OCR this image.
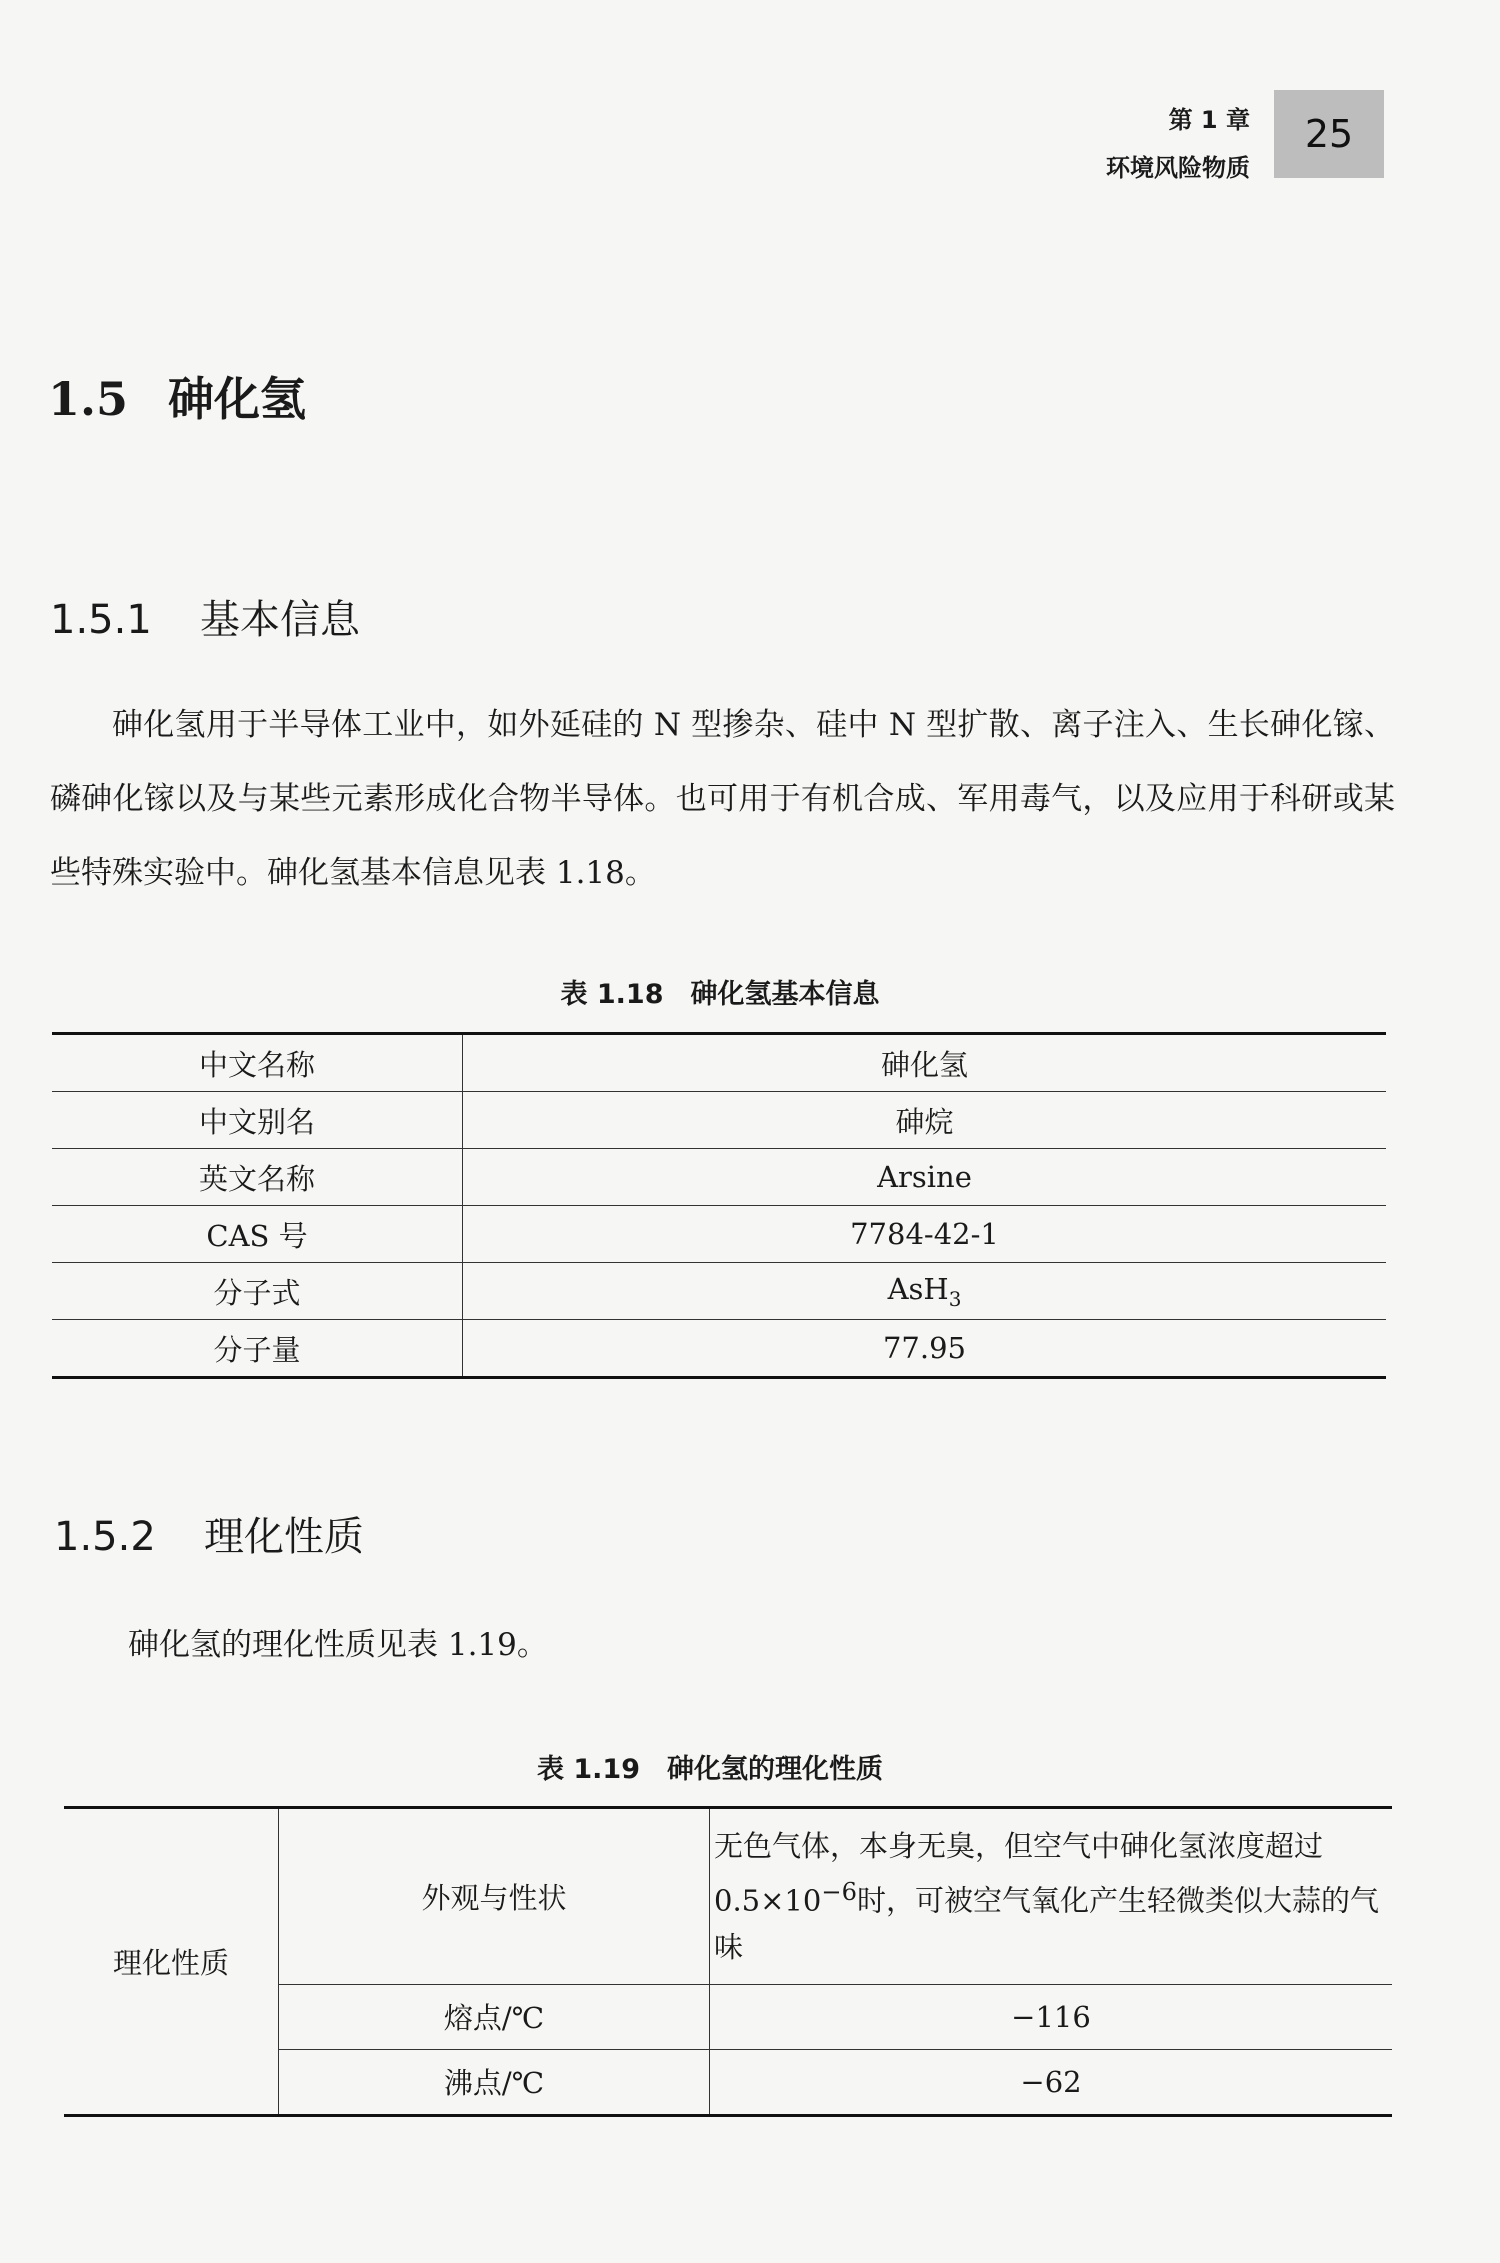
第 1 章
环境风险物质
25
1.5 砷化氢
1.5.1 基本信息
砷化氢用于半导体工业中，如外延硅的 N 型掺杂、硅中 N 型扩散、离子注入、生长砷化镓、磷砷化镓以及与某些元素形成化合物半导体。也可用于有机合成、军用毒气，以及应用于科研或某些特殊实验中。砷化氢基本信息见表 1.18。
表 1.18　砷化氢基本信息
中文名称	砷化氢
中文别名	砷烷
英文名称	Arsine
CAS 号	7784-42-1
分子式	AsH$_3$
分子量	77.95
1.5.2 理化性质
砷化氢的理化性质见表 1.19。
表 1.19　砷化氢的理化性质
理化性质	外观与性状	无色气体，本身无臭，但空气中砷化氢浓度超过 $0.5\times 10^{-6}$时，可被空气氧化产生轻微类似大蒜的气味
	熔点/℃	−116
	沸点/℃	−62
